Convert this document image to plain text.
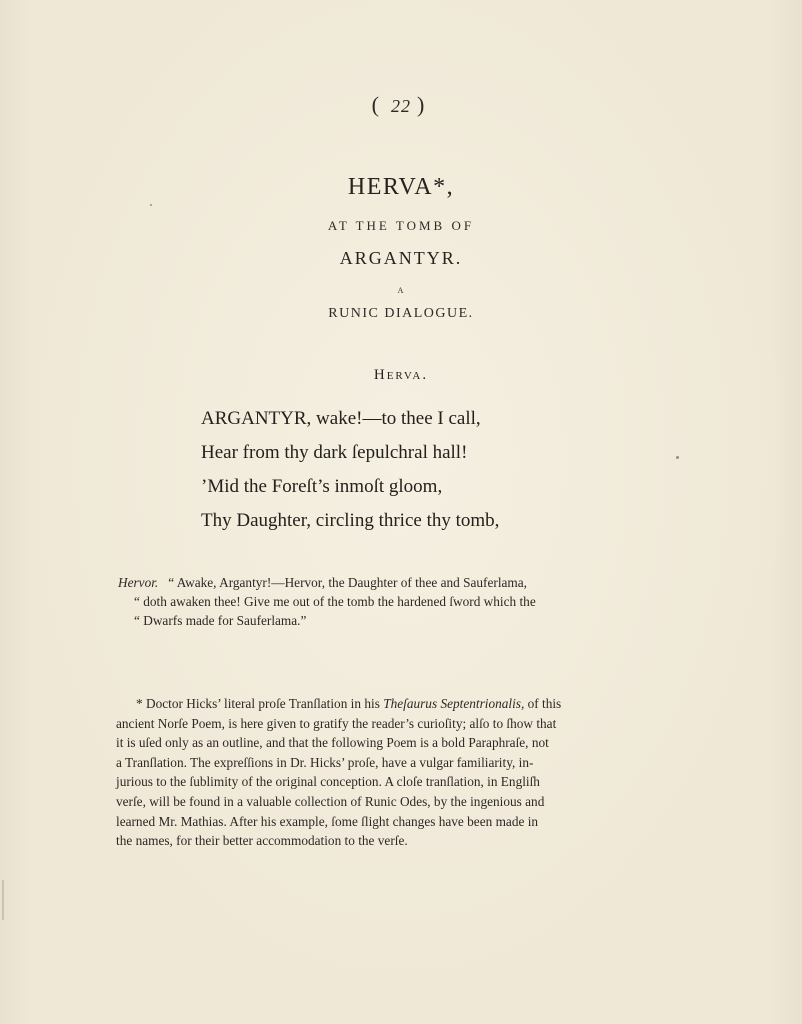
( 22 )
HERVA*,
AT THE TOMB OF
ARGANTYR.
A
RUNIC DIALOGUE.
Herva.
ARGANTYR, wake!—to thee I call,
Hear from thy dark ſepulchral hall!
’Mid the Foreſt’s inmoſt gloom,
Thy Daughter, circling thrice thy tomb,
Hervor. “ Awake, Argantyr!—Hervor, the Daughter of thee and Sauferlama,
“ doth awaken thee! Give me out of the tomb the hardened ſword which the
“ Dwarfs made for Sauferlama.”
* Doctor Hicks’ literal proſe Tranſlation in his Theſaurus Septentrionalis, of this
ancient Norſe Poem, is here given to gratify the reader’s curioſity; alſo to ſhow that
it is uſed only as an outline, and that the following Poem is a bold Paraphraſe, not
a Tranſlation. The expreſſions in Dr. Hicks’ proſe, have a vulgar familiarity, in-
jurious to the ſublimity of the original conception. A cloſe tranſlation, in Engliſh
verſe, will be found in a valuable collection of Runic Odes, by the ingenious and
learned Mr. Mathias. After his example, ſome ſlight changes have been made in
the names, for their better accommodation to the verſe.
